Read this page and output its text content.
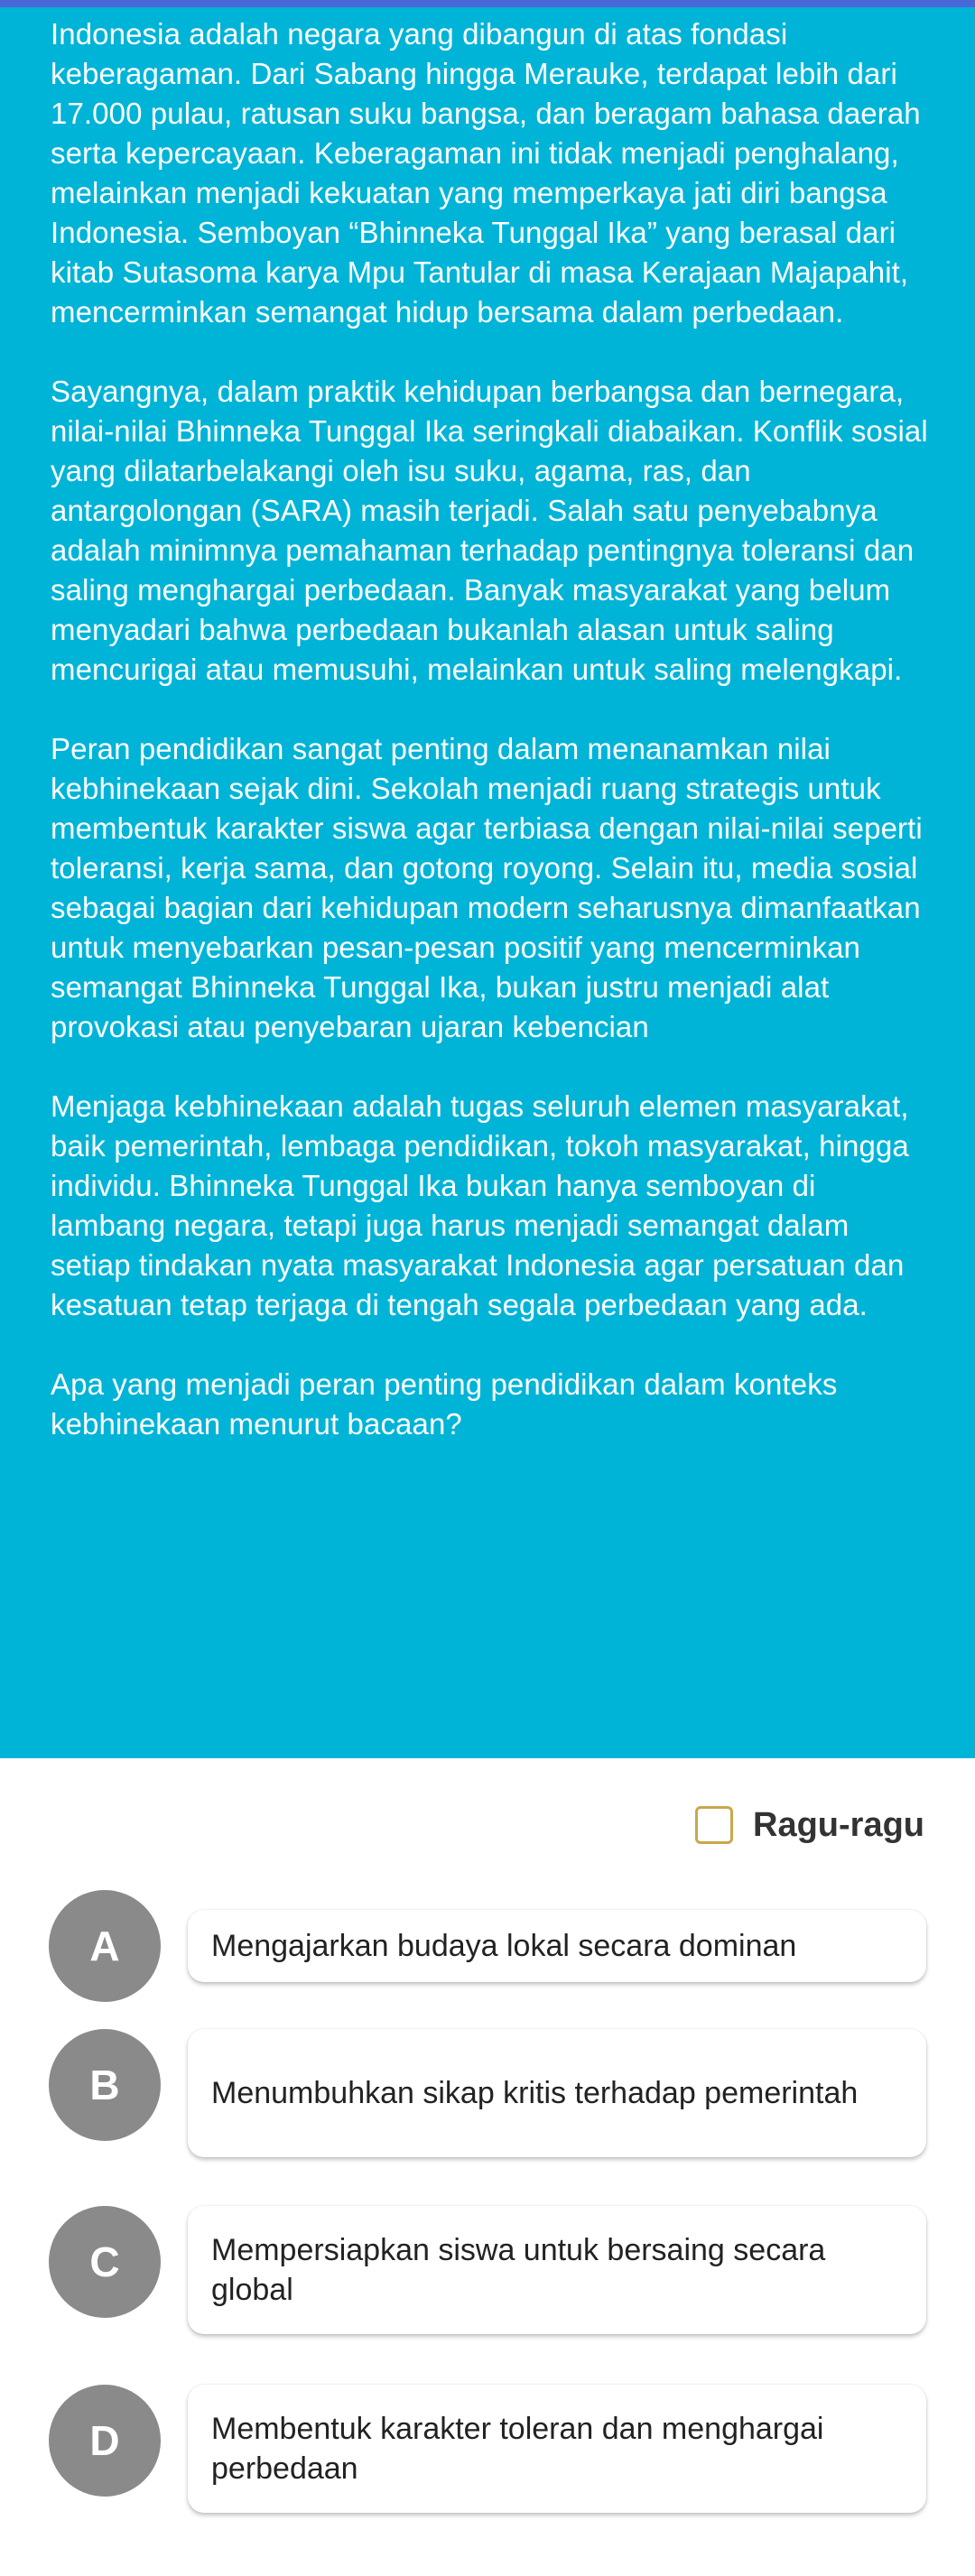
Indonesia adalah negara yang dibangun di atas fondasi keberagaman. Dari Sabang hingga Merauke, terdapat lebih dari 17.000 pulau, ratusan suku bangsa, dan beragam bahasa daerah serta kepercayaan. Keberagaman ini tidak menjadi penghalang, melainkan menjadi kekuatan yang memperkaya jati diri bangsa Indonesia. Semboyan “Bhinneka Tunggal Ika” yang berasal dari kitab Sutasoma karya Mpu Tantular di masa Kerajaan Majapahit, mencerminkan semangat hidup bersama dalam perbedaan.

Sayangnya, dalam praktik kehidupan berbangsa dan bernegara, nilai-nilai Bhinneka Tunggal Ika seringkali diabaikan. Konflik sosial yang dilatarbelakangi oleh isu suku, agama, ras, dan antargolongan (SARA) masih terjadi. Salah satu penyebabnya adalah minimnya pemahaman terhadap pentingnya toleransi dan saling menghargai perbedaan. Banyak masyarakat yang belum menyadari bahwa perbedaan bukanlah alasan untuk saling mencurigai atau memusuhi, melainkan untuk saling melengkapi.

Peran pendidikan sangat penting dalam menanamkan nilai kebhinekaan sejak dini. Sekolah menjadi ruang strategis untuk membentuk karakter siswa agar terbiasa dengan nilai-nilai seperti toleransi, kerja sama, dan gotong royong. Selain itu, media sosial sebagai bagian dari kehidupan modern seharusnya dimanfaatkan untuk menyebarkan pesan-pesan positif yang mencerminkan semangat Bhinneka Tunggal Ika, bukan justru menjadi alat provokasi atau penyebaran ujaran kebencian

Menjaga kebhinekaan adalah tugas seluruh elemen masyarakat, baik pemerintah, lembaga pendidikan, tokoh masyarakat, hingga individu. Bhinneka Tunggal Ika bukan hanya semboyan di lambang negara, tetapi juga harus menjadi semangat dalam setiap tindakan nyata masyarakat Indonesia agar persatuan dan kesatuan tetap terjaga di tengah segala perbedaan yang ada.

Apa yang menjadi peran penting pendidikan dalam konteks kebhinekaan menurut bacaan?

Ragu-ragu
A	Mengajarkan budaya lokal secara dominan
B	Menumbuhkan sikap kritis terhadap pemerintah
C	Mempersiapkan siswa untuk bersaing secara global
D	Membentuk karakter toleran dan menghargai perbedaan
